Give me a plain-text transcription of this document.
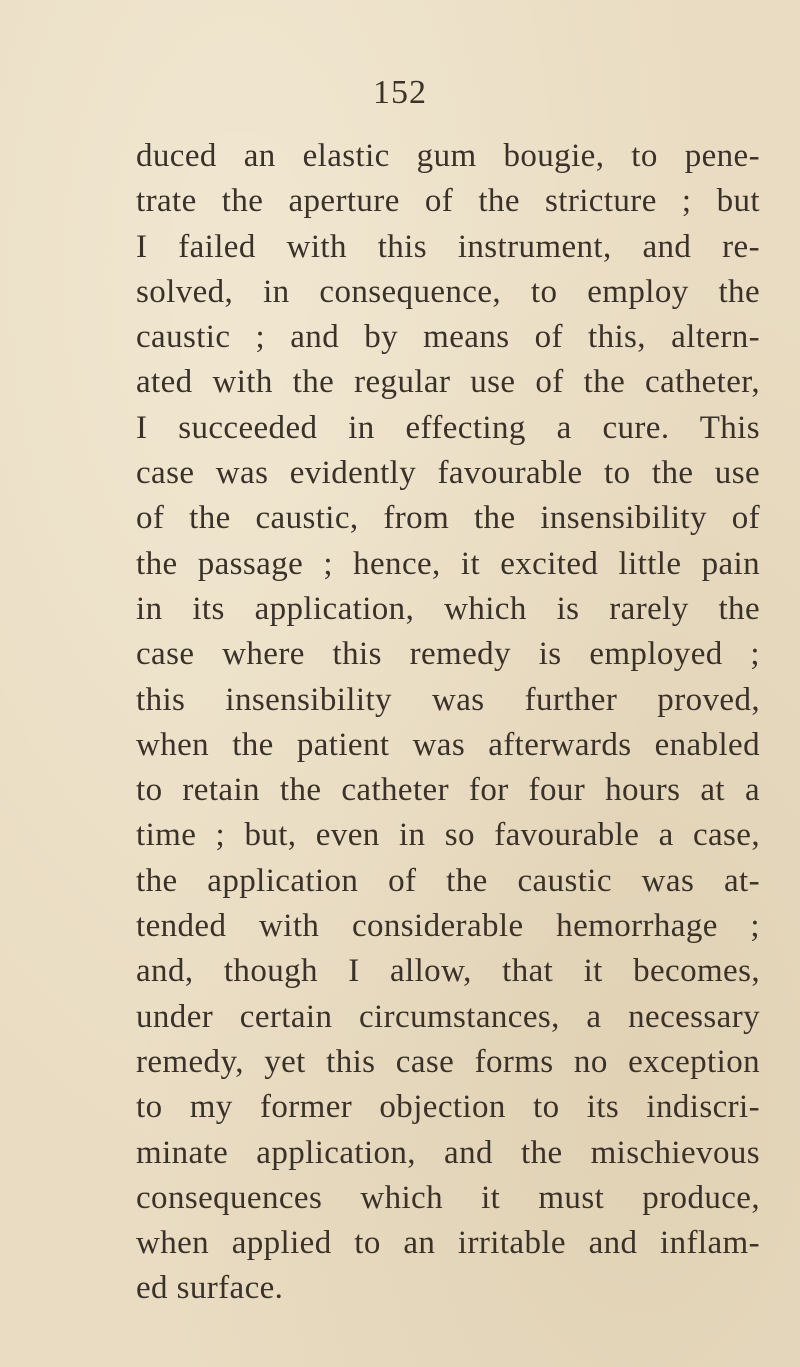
152
duced an elastic gum bougie, to pene-
trate the aperture of the stricture ; but
I failed with this instrument, and re-
solved, in consequence, to employ the
caustic ; and by means of this, altern-
ated with the regular use of the catheter,
I succeeded in effecting a cure. This
case was evidently favourable to the use
of the caustic, from the insensibility of
the passage ; hence, it excited little pain
in its application, which is rarely the
case where this remedy is employed ;
this insensibility was further proved,
when the patient was afterwards enabled
to retain the catheter for four hours at a
time ; but, even in so favourable a case,
the application of the caustic was at-
tended with considerable hemorrhage ;
and, though I allow, that it becomes,
under certain circumstances, a necessary
remedy, yet this case forms no exception
to my former objection to its indiscri-
minate application, and the mischievous
consequences which it must produce,
when applied to an irritable and inflam-
ed surface.
